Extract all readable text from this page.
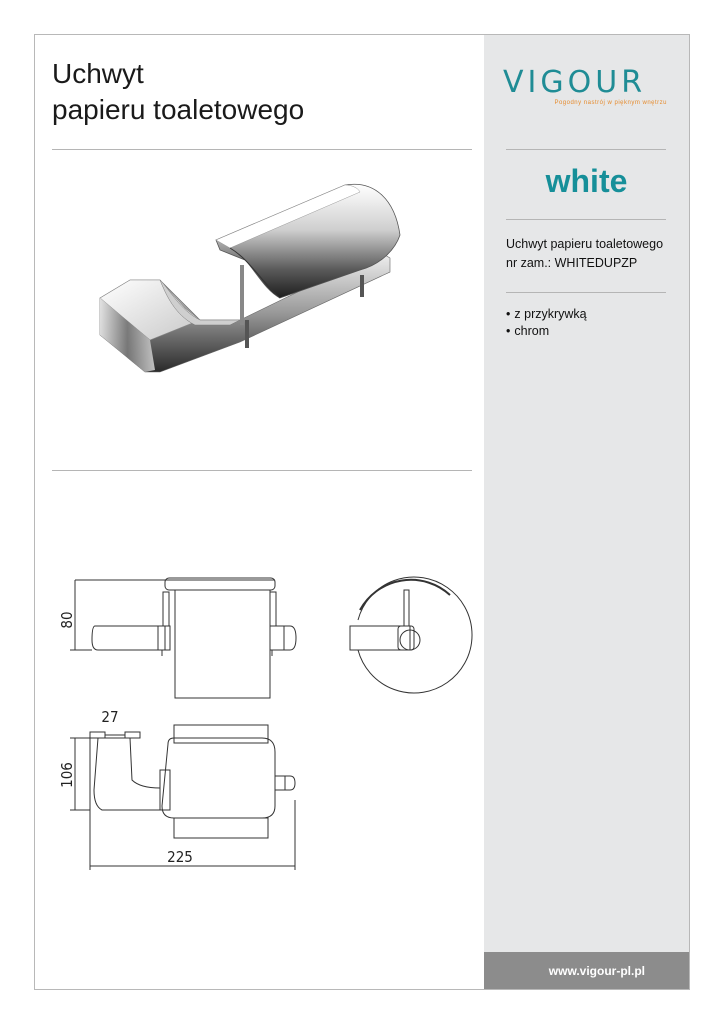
Uchwyt
papieru toaletowego
VIGOUR
Pogodny nastrój w pięknym wnętrzu
white
Uchwyt papieru toaletowego
nr zam.: WHITEDUPZP
• z przykrywką
• chrom
www.vigour-pl.pl
80
27
106
225
